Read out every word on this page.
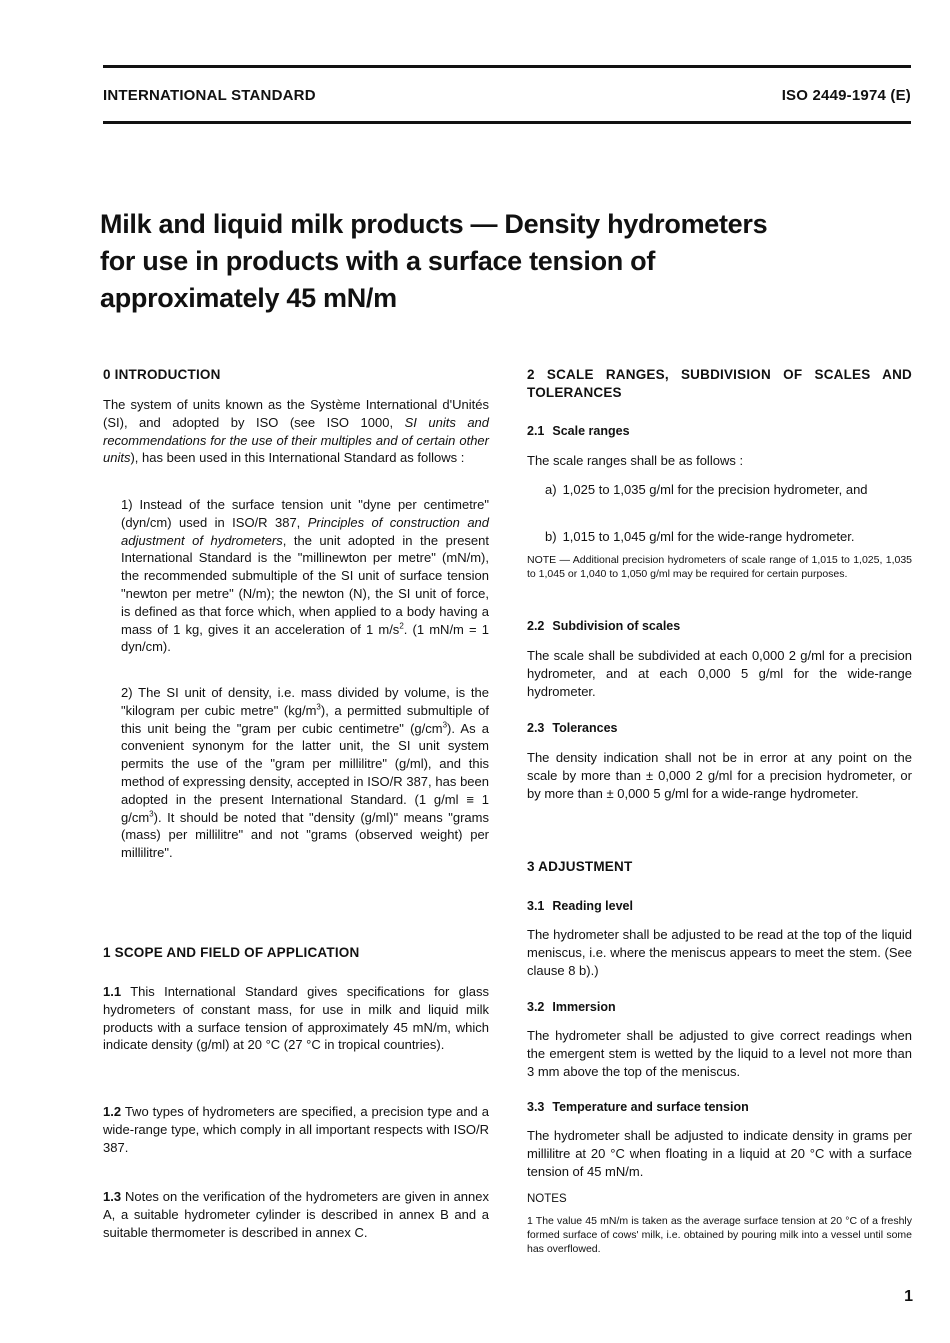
INTERNATIONAL STANDARD	ISO 2449-1974 (E)
Milk and liquid milk products — Density hydrometers
for use in products with a surface tension of
approximately 45 mN/m
0 INTRODUCTION

The system of units known as the Système International d'Unités (SI), and adopted by ISO (see ISO 1000, SI units and recommendations for the use of their multiples and of certain other units), has been used in this International Standard as follows :

1) Instead of the surface tension unit "dyne per centimetre" (dyn/cm) used in ISO/R 387, Principles of construction and adjustment of hydrometers, the unit adopted in the present International Standard is the "millinewton per metre" (mN/m), the recommended submultiple of the SI unit of surface tension "newton per metre" (N/m); the newton (N), the SI unit of force, is defined as that force which, when applied to a body having a mass of 1 kg, gives it an acceleration of 1 $m/s^2$. (1 mN/m = 1 dyn/cm).

2) The SI unit of density, i.e. mass divided by volume, is the "kilogram per cubic metre" $(kg/m^3)$, a permitted submultiple of this unit being the "gram per cubic centimetre" $(g/cm^3)$. As a convenient synonym for the latter unit, the SI unit system permits the use of the "gram per millilitre" (g/ml), and this method of expressing density, accepted in ISO/R 387, has been adopted in the present International Standard. (1 g/ml ≡ 1 $g/cm^3$). It should be noted that "density (g/ml)" means "grams (mass) per millilitre" and not "grams (observed weight) per millilitre".

1 SCOPE AND FIELD OF APPLICATION

1.1 This International Standard gives specifications for glass hydrometers of constant mass, for use in milk and liquid milk products with a surface tension of approximately 45 mN/m, which indicate density (g/ml) at 20 °C (27 °C in tropical countries).

1.2 Two types of hydrometers are specified, a precision type and a wide-range type, which comply in all important respects with ISO/R 387.

1.3 Notes on the verification of the hydrometers are given in annex A, a suitable hydrometer cylinder is described in annex B and a suitable thermometer is described in annex C.

2 SCALE RANGES, SUBDIVISION OF SCALES AND TOLERANCES
2.1 Scale ranges

The scale ranges shall be as follows :

a) 1,025 to 1,035 g/ml for the precision hydrometer, and

b) 1,015 to 1,045 g/ml for the wide-range hydrometer.

NOTE — Additional precision hydrometers of scale range of 1,015 to 1,025, 1,035 to 1,045 or 1,040 to 1,050 g/ml may be required for certain purposes.

2.2 Subdivision of scales

The scale shall be subdivided at each 0,000 2 g/ml for a precision hydrometer, and at each 0,000 5 g/ml for the wide-range hydrometer.

2.3 Tolerances

The density indication shall not be in error at any point on the scale by more than ± 0,000 2 g/ml for a precision hydrometer, or by more than ± 0,000 5 g/ml for a wide-range hydrometer.

3 ADJUSTMENT
3.1 Reading level

The hydrometer shall be adjusted to be read at the top of the liquid meniscus, i.e. where the meniscus appears to meet the stem. (See clause 8 b).)

3.2 Immersion

The hydrometer shall be adjusted to give correct readings when the emergent stem is wetted by the liquid to a level not more than 3 mm above the top of the meniscus.

3.3 Temperature and surface tension

The hydrometer shall be adjusted to indicate density in grams per millilitre at 20 °C when floating in a liquid at 20 °C with a surface tension of 45 mN/m.

NOTES

1 The value 45 mN/m is taken as the average surface tension at 20 °C of a freshly formed surface of cows' milk, i.e. obtained by pouring milk into a vessel until some has overflowed.

1
